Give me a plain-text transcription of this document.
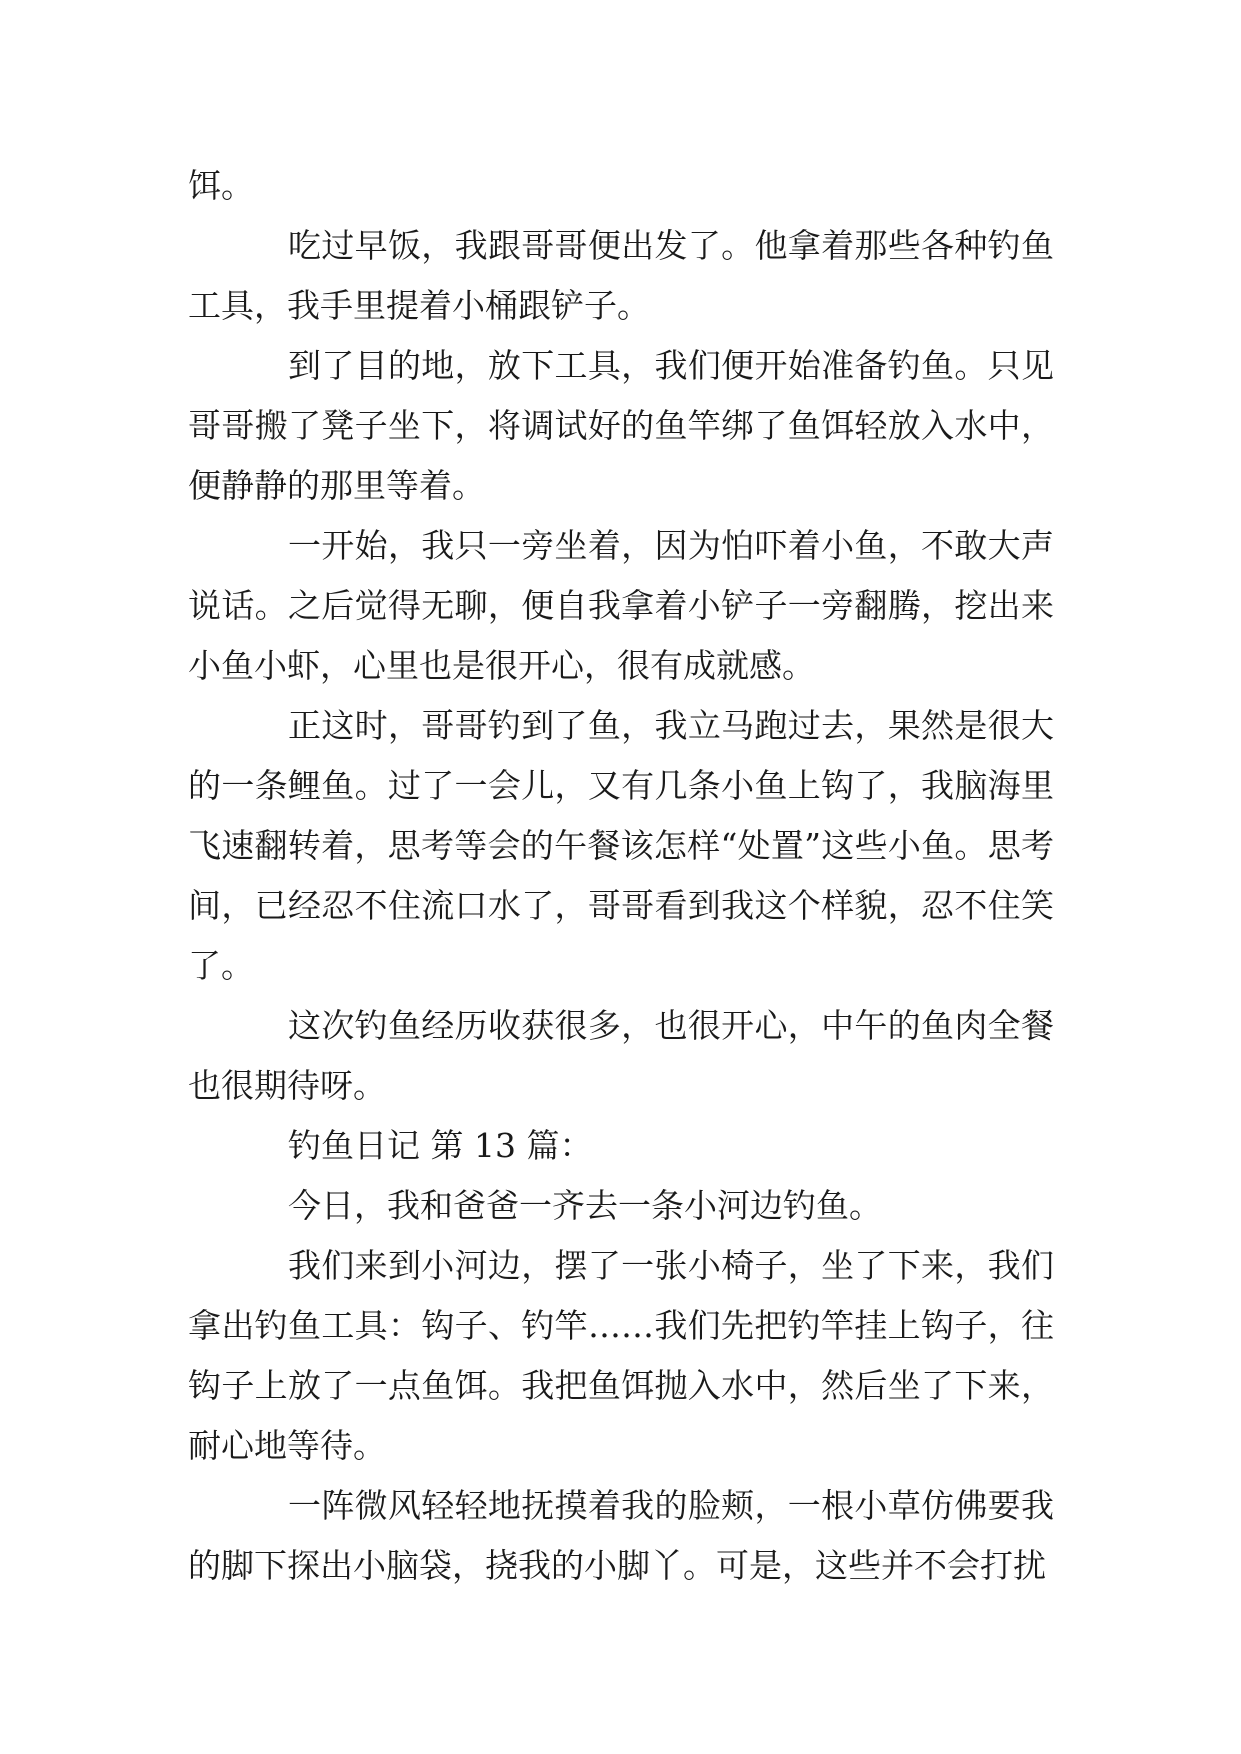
饵。

吃过早饭，我跟哥哥便出发了。他拿着那些各种钓鱼工具，我手里提着小桶跟铲子。

到了目的地，放下工具，我们便开始准备钓鱼。只见哥哥搬了凳子坐下，将调试好的鱼竿绑了鱼饵轻放入水中，便静静的那里等着。

一开始，我只一旁坐着，因为怕吓着小鱼，不敢大声说话。之后觉得无聊，便自我拿着小铲子一旁翻腾，挖出来小鱼小虾，心里也是很开心，很有成就感。

正这时，哥哥钓到了鱼，我立马跑过去，果然是很大的一条鲤鱼。过了一会儿，又有几条小鱼上钩了，我脑海里飞速翻转着，思考等会的午餐该怎样“处置”这些小鱼。思考间，已经忍不住流口水了，哥哥看到我这个样貌，忍不住笑了。

这次钓鱼经历收获很多，也很开心，中午的鱼肉全餐也很期待呀。

钓鱼日记 第 13 篇：

今日，我和爸爸一齐去一条小河边钓鱼。

我们来到小河边，摆了一张小椅子，坐了下来，我们拿出钓鱼工具：钩子、钓竿……我们先把钓竿挂上钩子，往钩子上放了一点鱼饵。我把鱼饵抛入水中，然后坐了下来，耐心地等待。

一阵微风轻轻地抚摸着我的脸颊，一根小草仿佛要我的脚下探出小脑袋，挠我的小脚丫。可是，这些并不会打扰
